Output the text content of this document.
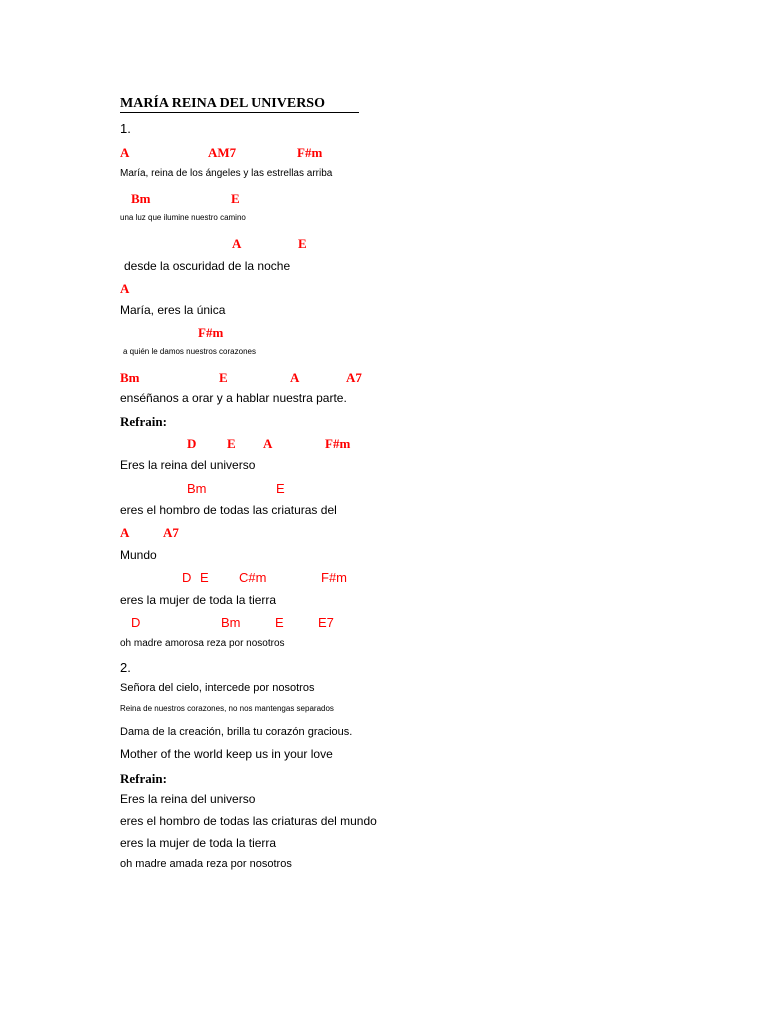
MARÍA REINA DEL UNIVERSO
1.
A	AM7	F#m
María, reina de los ángeles y las estrellas arriba
Bm	E
una luz que ilumine nuestro camino
A	E
desde la oscuridad de la noche
A
María, eres la única
F#m
a quién le damos nuestros corazones
Bm	E	A	A7
enséñanos a orar y a hablar nuestra parte.
Refrain:
D E A	F#m
Eres la reina del universo
Bm	E
eres el hombro de todas las criaturas del
A	A7
Mundo
D E C#m	F#m
eres la mujer de toda la tierra
D	Bm	E	E7
oh madre amorosa reza por nosotros
2.
Señora del cielo, intercede por nosotros
Reina de nuestros corazones, no nos mantengas separados
Dama de la creación, brilla tu corazón gracious.
Mother of the world keep us in your love
Refrain:
Eres la reina del universo
eres el hombro de todas las criaturas del mundo
eres la mujer de toda la tierra
oh madre amada reza por nosotros
